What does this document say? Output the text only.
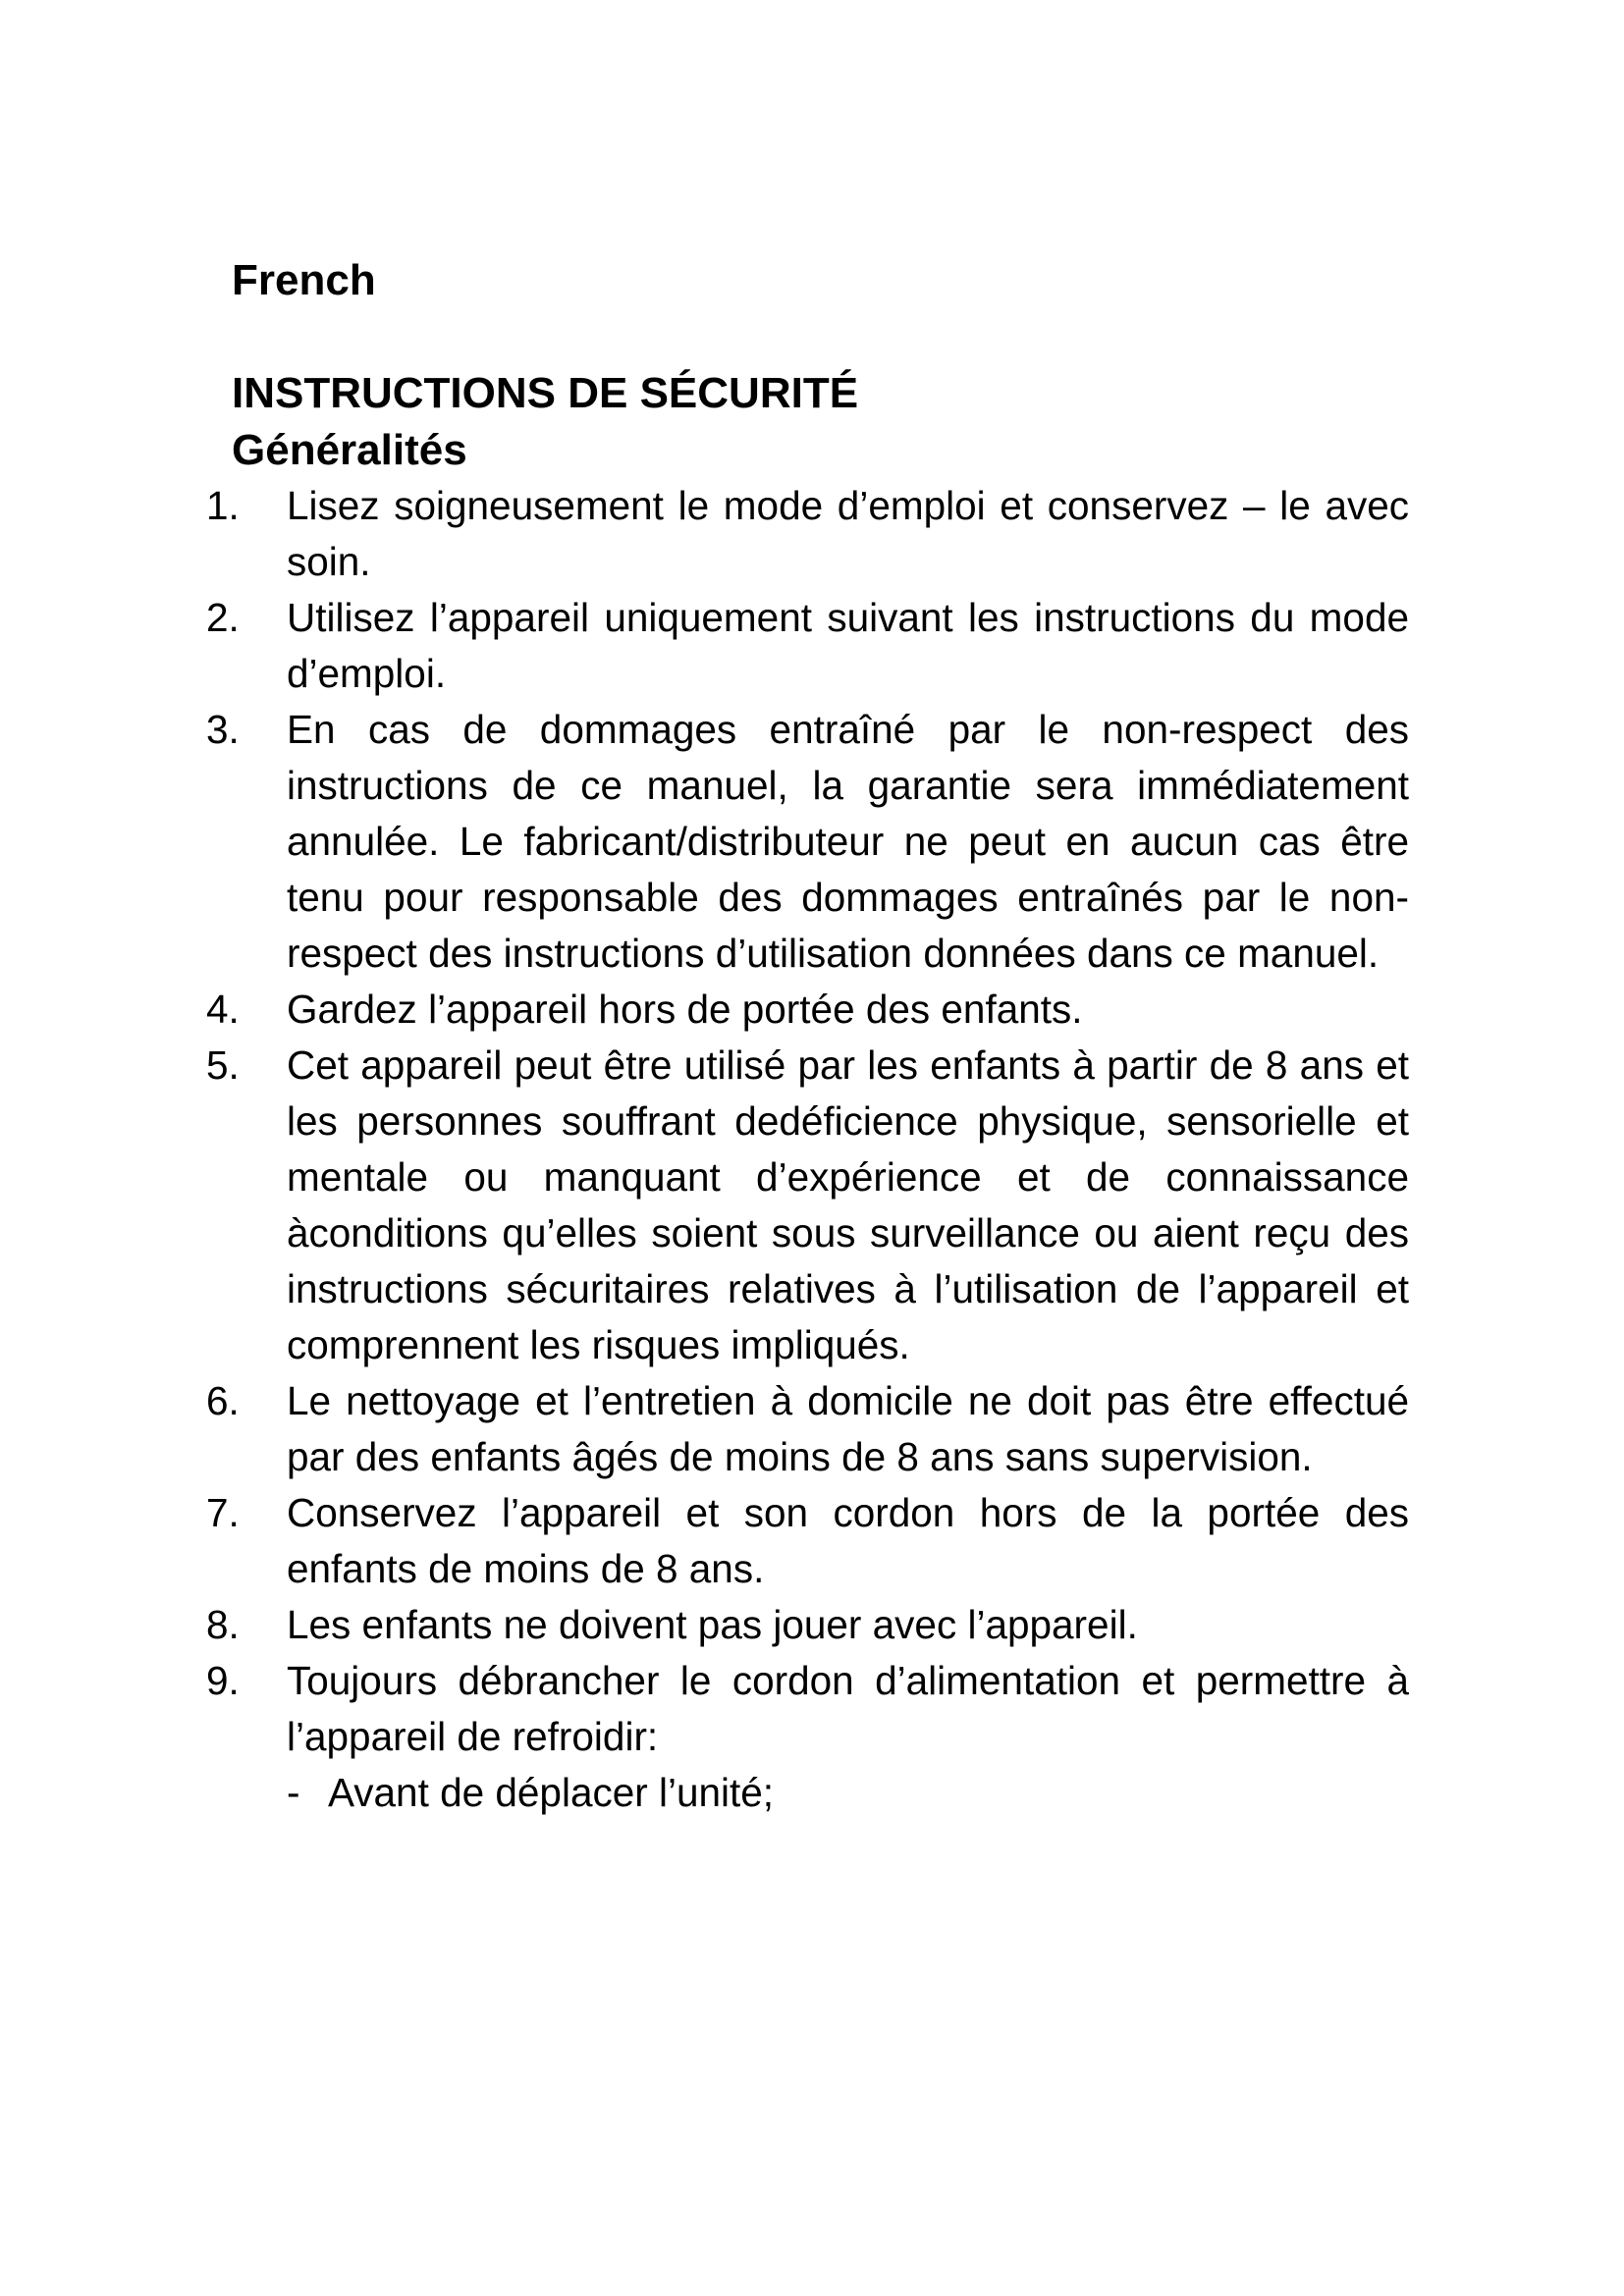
French
INSTRUCTIONS DE SÉCURITÉ
Généralités
1.	Lisez soigneusement le mode d’emploi et conservez – le avec soin.
2.	Utilisez l’appareil uniquement suivant les instructions du mode d’emploi.
3.	En cas de dommages entraîné par le non-respect des instructions de ce manuel, la garantie sera immédiatement annulée. Le fabricant/distributeur ne peut en aucun cas être tenu pour responsable des dommages entraînés par le non-respect des instructions d’utilisation données dans ce manuel.
4.	Gardez l’appareil hors de portée des enfants.
5.	Cet appareil peut être utilisé par les enfants à partir de 8 ans et les personnes souffrant dedéficience physique, sensorielle et mentale ou manquant d’expérience et de connaissance àconditions qu’elles soient sous surveillance ou aient reçu des instructions sécuritaires relatives à l’utilisation de l’appareil et comprennent les risques impliqués.
6.	Le nettoyage et l’entretien à domicile ne doit pas être effectué par des enfants âgés de moins de 8 ans sans supervision.
7.	Conservez l’appareil et son cordon hors de la portée des enfants de moins de 8 ans.
8.	Les enfants ne doivent pas jouer avec l’appareil.
9.	Toujours débrancher le cordon d’alimentation et permettre à l’appareil de refroidir:
- Avant de déplacer l’unité;
